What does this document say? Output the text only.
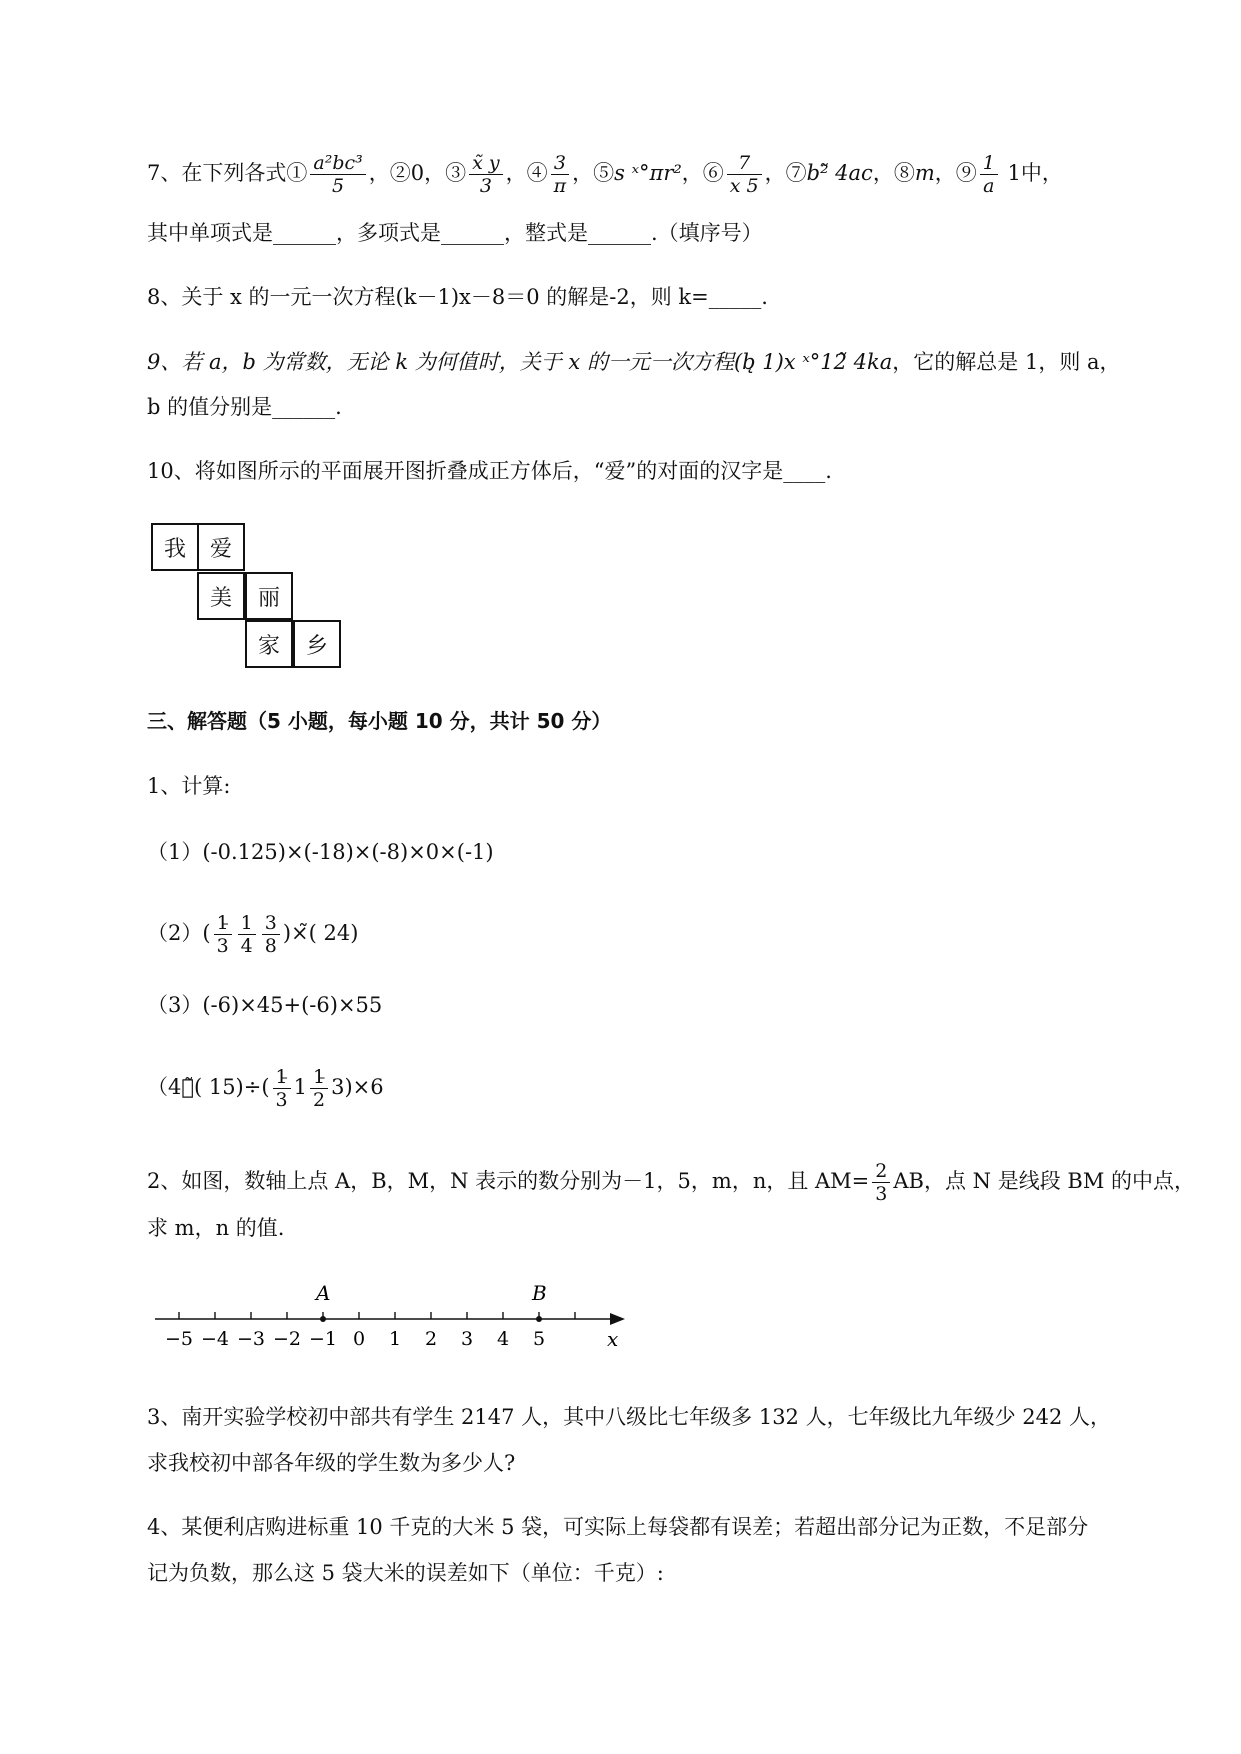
7、在下列各式① $\frac{\text{a²bc³}}{5}$ ，②0，③ $\frac{x̃ y}{3}$ ，④ $\frac{3}{\pi}$ ，⑤s ˣ°πr²，⑥ $\frac{7}{x 5}$ ，⑦b²̃ 4ac，⑧m，⑨ $\frac{1}{a} 1$中，
其中单项式是______，多项式是______，整式是______.（填序号）
8、关于 x 的一元一次方程(k－1)x－8＝0 的解是-2，则 k=_____.
9、若 a，b 为常数，无论 k 为何值时，关于 x 的一元一次方程(b̨ 1)x ˣ°12̃ 4ka，它的解总是 1，则 a，
b 的值分别是______.
10、将如图所示的平面展开图折叠成正方体后，“爱”的对面的汉字是____.
我	爱
美	丽
家	乡
三、解答题（5 小题，每小题 10 分，共计 50 分）
1、计算:
（1）(-0.125)×(-18)×(-8)×0×(-1)
$(2)( \frac{1̵}{3} \frac{1}{4} \frac{3}{8}$ )×̃( 24)
（3）(-6)×45+(-6)×55
（4）̃( $15)\div( \frac{1̵}{3} 1 \frac{1̵}{2} 3)\times 6$
2、如图，数轴上点 A，B，M，N 表示的数分别为－1，5，m，n，且 $AM= \frac{2}{3}$ AB，点 N 是线段 BM 的中点，
求 m，n 的值.
−5 −4 −3 −2 −1 0 1 2 3 4 5
A	B
x
3、南开实验学校初中部共有学生 2147 人，其中八级比七年级多 132 人，七年级比九年级少 242 人，
求我校初中部各年级的学生数为多少人?
4、某便利店购进标重 10 千克的大米 5 袋，可实际上每袋都有误差；若超出部分记为正数，不足部分
记为负数，那么这 5 袋大米的误差如下（单位：千克）:
